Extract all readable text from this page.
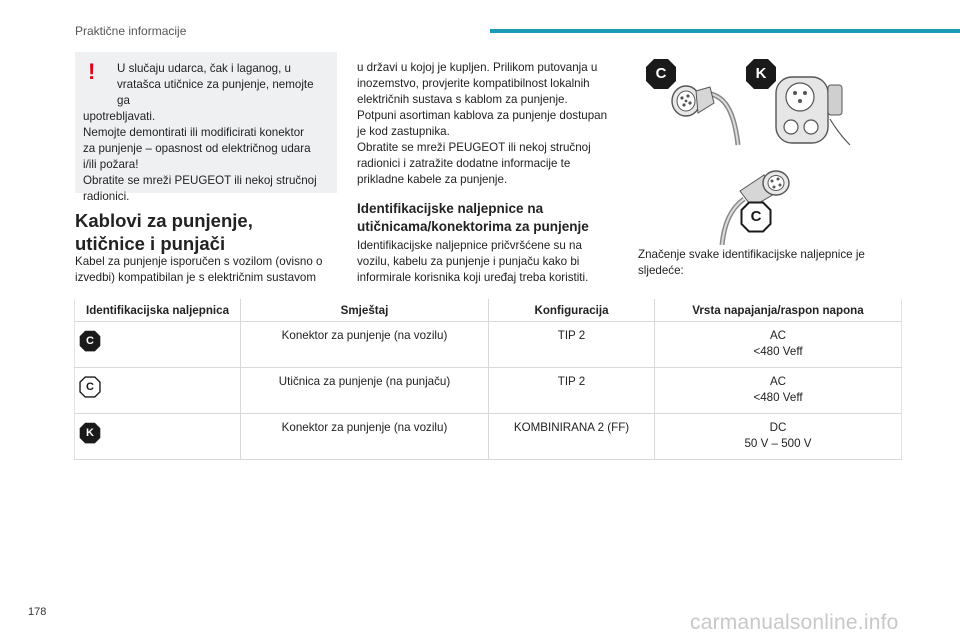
Praktične informacije
!	U slučaju udarca, čak i laganog, u
vratašca utičnice za punjenje, nemojte ga
upotrebljavati.
Nemojte demontirati ili modificirati konektor
za punjenje – opasnost od električnog udara
i/ili požara!
Obratite se mreži PEUGEOT ili nekoj stručnoj
radionici.
Kablovi za punjenje,
utičnice i punjači
Kabel za punjenje isporučen s vozilom (ovisno o
izvedbi) kompatibilan je s električnim sustavom
u državi u kojoj je kupljen. Prilikom putovanja u
inozemstvo, provjerite kompatibilnost lokalnih
električnih sustava s kablom za punjenje.
Potpuni asortiman kablova za punjenje dostupan
je kod zastupnika.
Obratite se mreži PEUGEOT ili nekoj stručnoj
radionici i zatražite dodatne informacije te
prikladne kabele za punjenje.
Identifikacijske naljepnice na
utičnicama/konektorima za punjenje
Identifikacijske naljepnice pričvršćene su na
vozilu, kabelu za punjenje i punjaču kako bi
informirale korisnika koji uređaj treba koristiti.
C	K
C
Značenje svake identifikacijske naljepnice je
sljedeće:
Identifikacijska naljepnica	Smještaj	Konfiguracija	Vrsta napajanja/raspon napona

C	Konektor za punjenje (na vozilu)	TIP 2	AC
<480 Veff

C	Utičnica za punjenje (na punjaču)	TIP 2	AC
<480 Veff

K	Konektor za punjenje (na vozilu)	KOMBINIRANA 2 (FF)	DC
50 V – 500 V
178	carmanualsonline.info
